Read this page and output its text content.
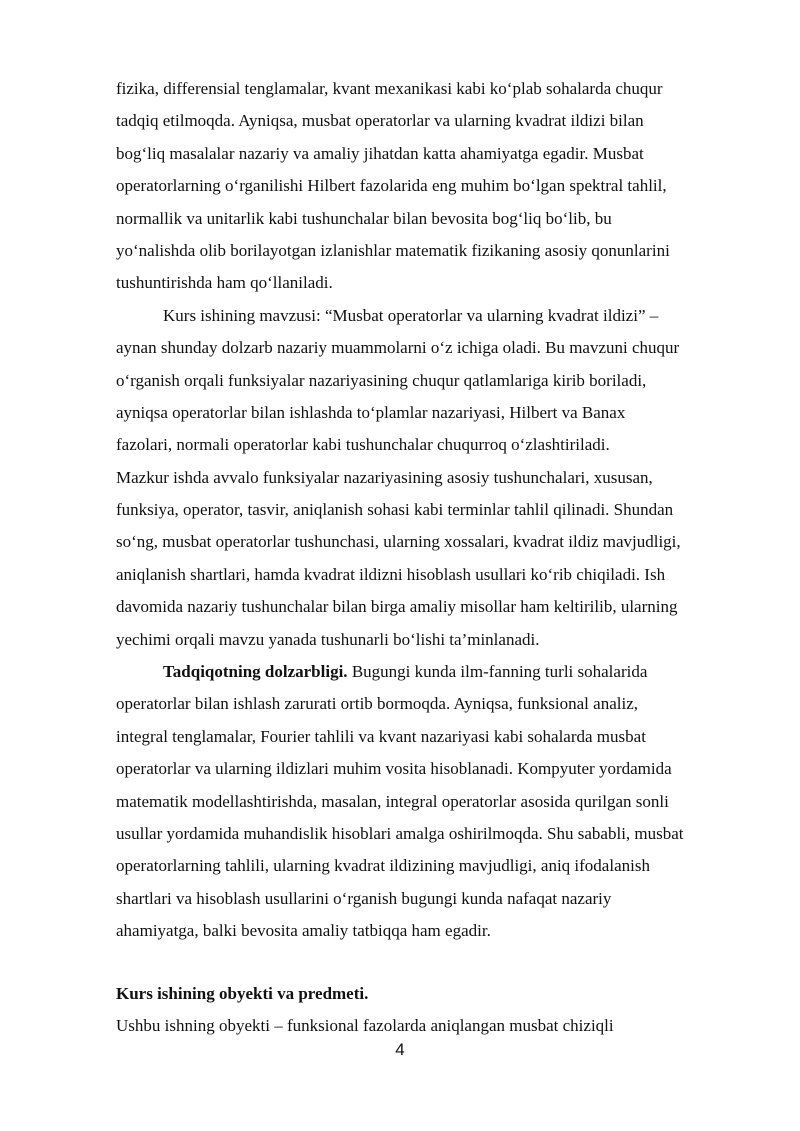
fizika, differensial tenglamalar, kvant mexanikasi kabi ko‘plab sohalarda chuqur
tadqiq etilmoqda. Ayniqsa, musbat operatorlar va ularning kvadrat ildizi bilan
bog‘liq masalalar nazariy va amaliy jihatdan katta ahamiyatga egadir. Musbat
operatorlarning o‘rganilishi Hilbert fazolarida eng muhim bo‘lgan spektral tahlil,
normallik va unitarlik kabi tushunchalar bilan bevosita bog‘liq bo‘lib, bu
yo‘nalishda olib borilayotgan izlanishlar matematik fizikaning asosiy qonunlarini
tushuntirishda ham qo‘llaniladi.
Kurs ishining mavzusi: “Musbat operatorlar va ularning kvadrat ildizi” –
aynan shunday dolzarb nazariy muammolarni o‘z ichiga oladi. Bu mavzuni chuqur
o‘rganish orqali funksiyalar nazariyasining chuqur qatlamlariga kirib boriladi,
ayniqsa operatorlar bilan ishlashda to‘plamlar nazariyasi, Hilbert va Banax
fazolari, normali operatorlar kabi tushunchalar chuqurroq o‘zlashtiriladi.
Mazkur ishda avvalo funksiyalar nazariyasining asosiy tushunchalari, xususan,
funksiya, operator, tasvir, aniqlanish sohasi kabi terminlar tahlil qilinadi. Shundan
so‘ng, musbat operatorlar tushunchasi, ularning xossalari, kvadrat ildiz mavjudligi,
aniqlanish shartlari, hamda kvadrat ildizni hisoblash usullari ko‘rib chiqiladi. Ish
davomida nazariy tushunchalar bilan birga amaliy misollar ham keltirilib, ularning
yechimi orqali mavzu yanada tushunarli bo‘lishi ta’minlanadi.
Tadqiqotning dolzarbligi. Bugungi kunda ilm-fanning turli sohalarida
operatorlar bilan ishlash zarurati ortib bormoqda. Ayniqsa, funksional analiz,
integral tenglamalar, Fourier tahlili va kvant nazariyasi kabi sohalarda musbat
operatorlar va ularning ildizlari muhim vosita hisoblanadi. Kompyuter yordamida
matematik modellashtirishda, masalan, integral operatorlar asosida qurilgan sonli
usullar yordamida muhandislik hisoblari amalga oshirilmoqda. Shu sababli, musbat
operatorlarning tahlili, ularning kvadrat ildizining mavjudligi, aniq ifodalanish
shartlari va hisoblash usullarini o‘rganish bugungi kunda nafaqat nazariy
ahamiyatga, balki bevosita amaliy tatbiqqa ham egadir.
Kurs ishining obyekti va predmeti.
Ushbu ishning obyekti – funksional fazolarda aniqlangan musbat chiziqli
4
